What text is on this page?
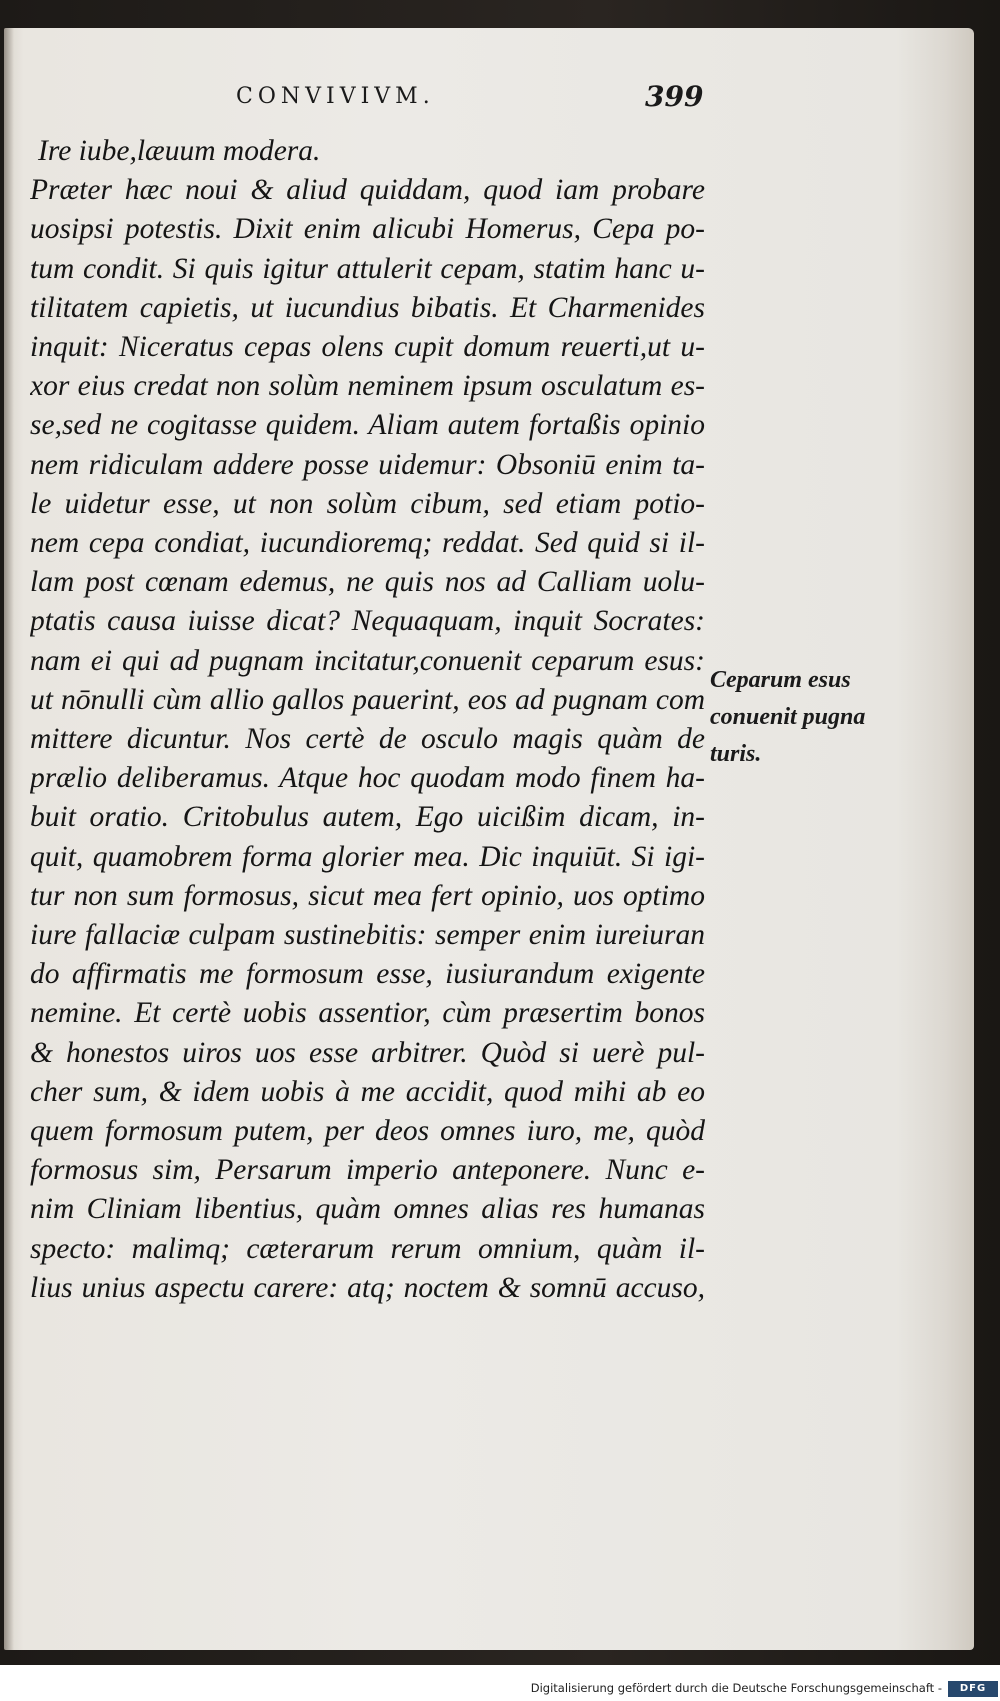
CONVIVIVM.	399
Ire iube,læuum modera.
Præter hæc noui & aliud quiddam, quod iam probare
uosipsi potestis. Dixit enim alicubi Homerus, Cepa po-
tum condit. Si quis igitur attulerit cepam, statim hanc u-
tilitatem capietis, ut iucundius bibatis. Et Charmenides
inquit: Niceratus cepas olens cupit domum reuerti,ut u-
xor eius credat non solùm neminem ipsum osculatum es-
se,sed ne cogitasse quidem. Aliam autem fortaßis opinio
nem ridiculam addere posse uidemur: Obsoniū enim ta-
le uidetur esse, ut non solùm cibum, sed etiam potio-
nem cepa condiat, iucundioremq; reddat. Sed quid si il-
lam post cœnam edemus, ne quis nos ad Calliam uolu-
ptatis causa iuisse dicat? Nequaquam, inquit Socrates:
nam ei qui ad pugnam incitatur,conuenit ceparum esus:
ut nōnulli cùm allio gallos pauerint, eos ad pugnam com
mittere dicuntur. Nos certè de osculo magis quàm de
prælio deliberamus. Atque hoc quodam modo finem ha-
buit oratio. Critobulus autem, Ego uicißim dicam, in-
quit, quamobrem forma glorier mea. Dic inquiūt. Si igi-
tur non sum formosus, sicut mea fert opinio, uos optimo
iure fallaciæ culpam sustinebitis: semper enim iureiuran
do affirmatis me formosum esse, iusiurandum exigente
nemine. Et certè uobis assentior, cùm præsertim bonos
& honestos uiros uos esse arbitrer. Quòd si uerè pul-
cher sum, & idem uobis à me accidit, quod mihi ab eo
quem formosum putem, per deos omnes iuro, me, quòd
formosus sim, Persarum imperio anteponere. Nunc e-
nim Cliniam libentius, quàm omnes alias res humanas
specto: malimq; cæterarum rerum omnium, quàm il-
lius unius aspectu carere: atq; noctem & somnū accuso,
Ceparum esus
conuenit pugna
turis.
Digitalisierung gefördert durch die Deutsche Forschungsgemeinschaft -	DFG
